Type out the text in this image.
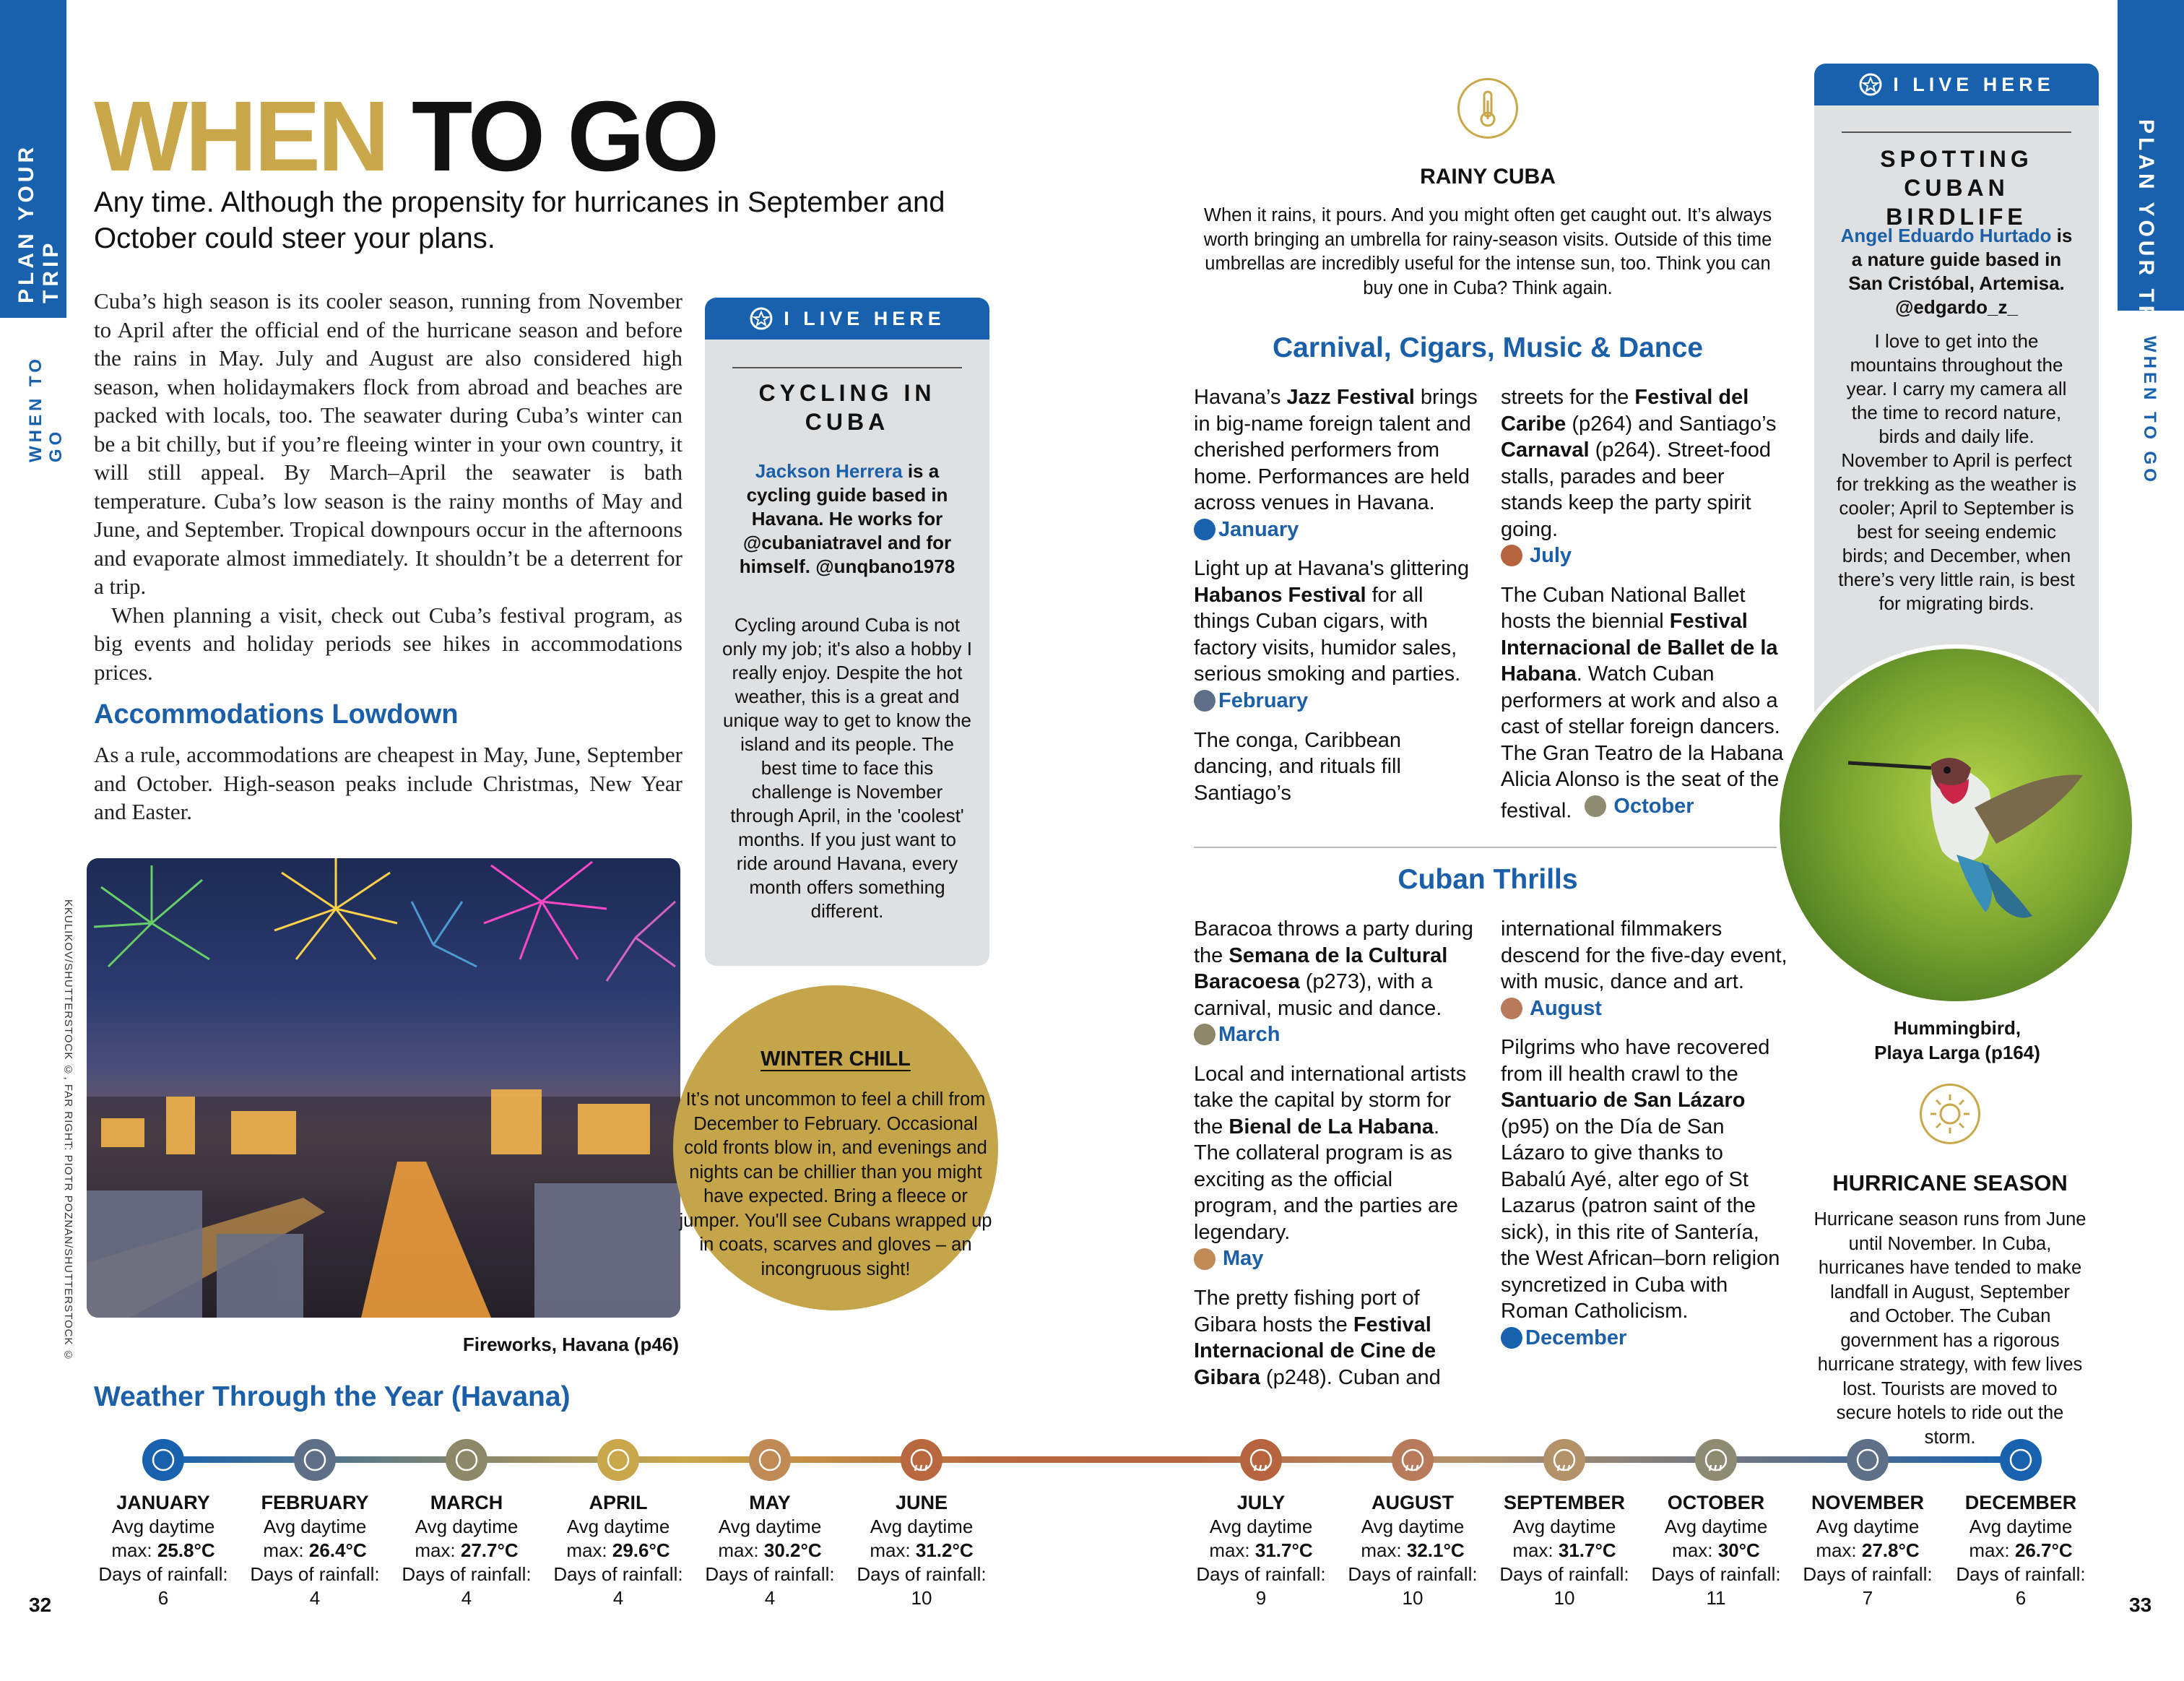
PLAN YOUR TRIP
WHEN TO GO
PLAN YOUR TRIP
WHEN TO GO
WHEN TO GO
Any time. Although the propensity for hurricanes in September and October could steer your plans.

Cuba’s high season is its cooler season, running from November to April after the official end of the hurricane season and before the rains in May. July and August are also considered high season, when holidaymakers flock from abroad and beaches are packed with locals, too. The seawater during Cuba’s winter can be a bit chilly, but if you’re fleeing winter in your own country, it will still appeal. By March–April the seawater is bath temperature. Cuba’s low season is the rainy months of May and June, and September. Tropical downpours occur in the afternoons and evaporate almost immediately. It shouldn’t be a deterrent for a trip.

When planning a visit, check out Cuba’s festival program, as big events and holiday periods see hikes in accommodations prices.

Accommodations Lowdown
As a rule, accommodations are cheapest in May, June, September and October. High-season peaks include Christmas, New Year and Easter.
I LIVE HERE
CYCLING IN CUBA
Jackson Herrera is a cycling guide based in Havana. He works for @cubaniatravel and for himself. @unqbano1978
Cycling around Cuba is not only my job; it's also a hobby I really enjoy. Despite the hot weather, this is a great and unique way to get to know the island and its people. The best time to face this challenge is November through April, in the 'coolest' months. If you just want to ride around Havana, every month offers something different.
KKULIKOV/SHUTTERSTOCK ©, FAR RIGHT: PIOTR POZNAN/SHUTTERSTOCK ©	Fireworks, Havana (p46)
WINTER CHILL
It’s not uncommon to feel a chill from December to February. Occasional cold fronts blow in, and evenings and nights can be chillier than you might have expected. Bring a fleece or jumper. You'll see Cubans wrapped up in coats, scarves and gloves – an incongruous sight!
RAINY CUBA
When it rains, it pours. And you might often get caught out. It’s always worth bringing an umbrella for rainy-season visits. Outside of this time umbrellas are incredibly useful for the intense sun, too. Think you can buy one in Cuba? Think again.
Carnival, Cigars, Music & Dance

Havana’s Jazz Festival brings in big-name foreign talent and cherished performers from home. Performances are held across venues in Havana.

January

Light up at Havana's glittering Habanos Festival for all things Cuban cigars, with factory visits, humidor sales, serious smoking and parties.

February

The conga, Caribbean dancing, and rituals fill Santiago’s

streets for the Festival del Caribe (p264) and Santiago’s Carnaval (p264). Street-food stalls, parades and beer stands keep the party spirit going.

July

The Cuban National Ballet hosts the biennial Festival Internacional de Ballet de la Habana. Watch Cuban performers at work and also a cast of stellar foreign dancers. The Gran Teatro de la Habana Alicia Alonso is the seat of the festival. October

Cuban Thrills

Baracoa throws a party during the Semana de la Cultural Baracoesa (p273), with a carnival, music and dance.

March

Local and international artists take the capital by storm for the Bienal de La Habana. The collateral program is as exciting as the official program, and the parties are legendary.

May

The pretty fishing port of Gibara hosts the Festival Internacional de Cine de Gibara (p248). Cuban and

international filmmakers descend for the five-day event, with music, dance and art.

August

Pilgrims who have recovered from ill health crawl to the Santuario de San Lázaro (p95) on the Día de San Lázaro to give thanks to Babalú Ayé, alter ego of St Lazarus (patron saint of the sick), in this rite of Santería, the West African–born religion syncretized in Cuba with Roman Catholicism.

December

I LIVE HERE
SPOTTING CUBAN BIRDLIFE
Angel Eduardo Hurtado is a nature guide based in San Cristóbal, Artemisa. @edgardo_z_
I love to get into the mountains throughout the year. I carry my camera all the time to record nature, birds and daily life. November to April is perfect for trekking as the weather is cooler; April to September is best for seeing endemic birds; and December, when there’s very little rain, is best for migrating birds.
Hummingbird, Playa Larga (p164)
HURRICANE SEASON
Hurricane season runs from June until November. In Cuba, hurricanes have tended to make landfall in August, September and October. The Cuban government has a rigorous hurricane strategy, with few lives lost. Tourists are moved to secure hotels to ride out the storm.
Weather Through the Year (Havana)
JANUARY
Avg daytime
max: 25.8°C
Days of rainfall:
6
FEBRUARY
Avg daytime
max: 26.4°C
Days of rainfall:
4
MARCH
Avg daytime
max: 27.7°C
Days of rainfall:
4
APRIL
Avg daytime
max: 29.6°C
Days of rainfall:
4
MAY
Avg daytime
max: 30.2°C
Days of rainfall:
4
JUNE
Avg daytime
max: 31.2°C
Days of rainfall:
10
JULY
Avg daytime
max: 31.7°C
Days of rainfall:
9
AUGUST
Avg daytime
max: 32.1°C
Days of rainfall:
10
SEPTEMBER
Avg daytime
max: 31.7°C
Days of rainfall:
10
OCTOBER
Avg daytime
max: 30°C
Days of rainfall:
11
NOVEMBER
Avg daytime
max: 27.8°C
Days of rainfall:
7
DECEMBER
Avg daytime
max: 26.7°C
Days of rainfall:
6
32	33
